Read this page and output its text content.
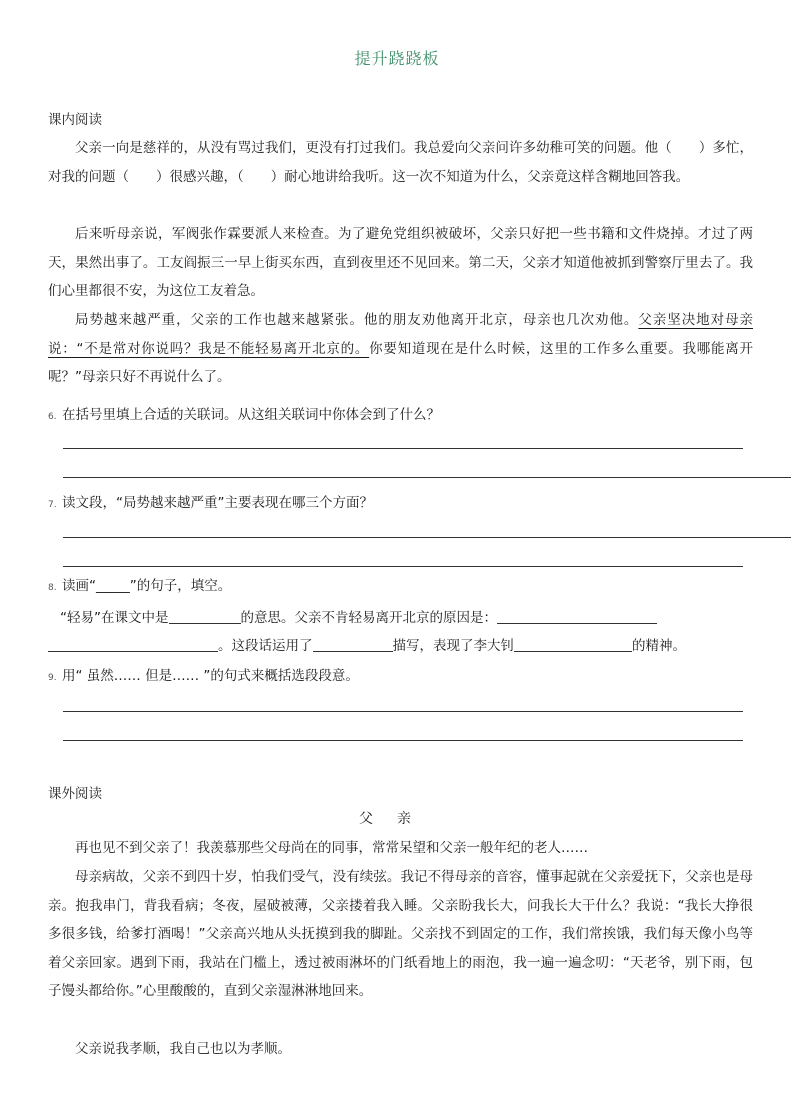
提升跷跷板
课内阅读

父亲一向是慈祥的，从没有骂过我们，更没有打过我们。我总爱向父亲问许多幼稚可笑的问题。他（　　）多忙，对我的问题（　　）很感兴趣，（　　）耐心地讲给我听。这一次不知道为什么，父亲竟这样含糊地回答我。

后来听母亲说，军阀张作霖要派人来检查。为了避免党组织被破坏，父亲只好把一些书籍和文件烧掉。才过了两天，果然出事了。工友阎振三一早上街买东西，直到夜里还不见回来。第二天，父亲才知道他被抓到警察厅里去了。我们心里都很不安，为这位工友着急。

局势越来越严重，父亲的工作也越来越紧张。他的朋友劝他离开北京，母亲也几次劝他。父亲坚决地对母亲说：“不是常对你说吗？我是不能轻易离开北京的。你要知道现在是什么时候，这里的工作多么重要。我哪能离开呢？”母亲只好不再说什么了。

6. 在括号里填上合适的关联词。从这组关联词中你体会到了什么？
7. 读文段，“局势越来越严重”主要表现在哪三个方面？
8. 读画“_____”的句子，填空。
“轻易”在课文中是	的意思。父亲不肯轻易离开北京的原因是：
。这段话运用了	描写，表现了李大钊	的精神。
9. 用“ 虽然…… 但是…… ”的句式来概括选段段意。
课外阅读
父亲

再也见不到父亲了！我羡慕那些父母尚在的同事，常常呆望和父亲一般年纪的老人……

母亲病故，父亲不到四十岁，怕我们受气，没有续弦。我记不得母亲的音容，懂事起就在父亲爱抚下，父亲也是母亲。抱我串门，背我看病；冬夜，屋破被薄，父亲搂着我入睡。父亲盼我长大，问我长大干什么？我说：“我长大挣很多很多钱，给爹打酒喝！”父亲高兴地从头抚摸到我的脚趾。父亲找不到固定的工作，我们常挨饿，我们每天像小鸟等着父亲回家。遇到下雨，我站在门槛上，透过被雨淋坏的门纸看地上的雨泡，我一遍一遍念叨：“天老爷，别下雨，包子馒头都给你。”心里酸酸的，直到父亲湿淋淋地回来。

父亲说我孝顺，我自己也以为孝顺。
